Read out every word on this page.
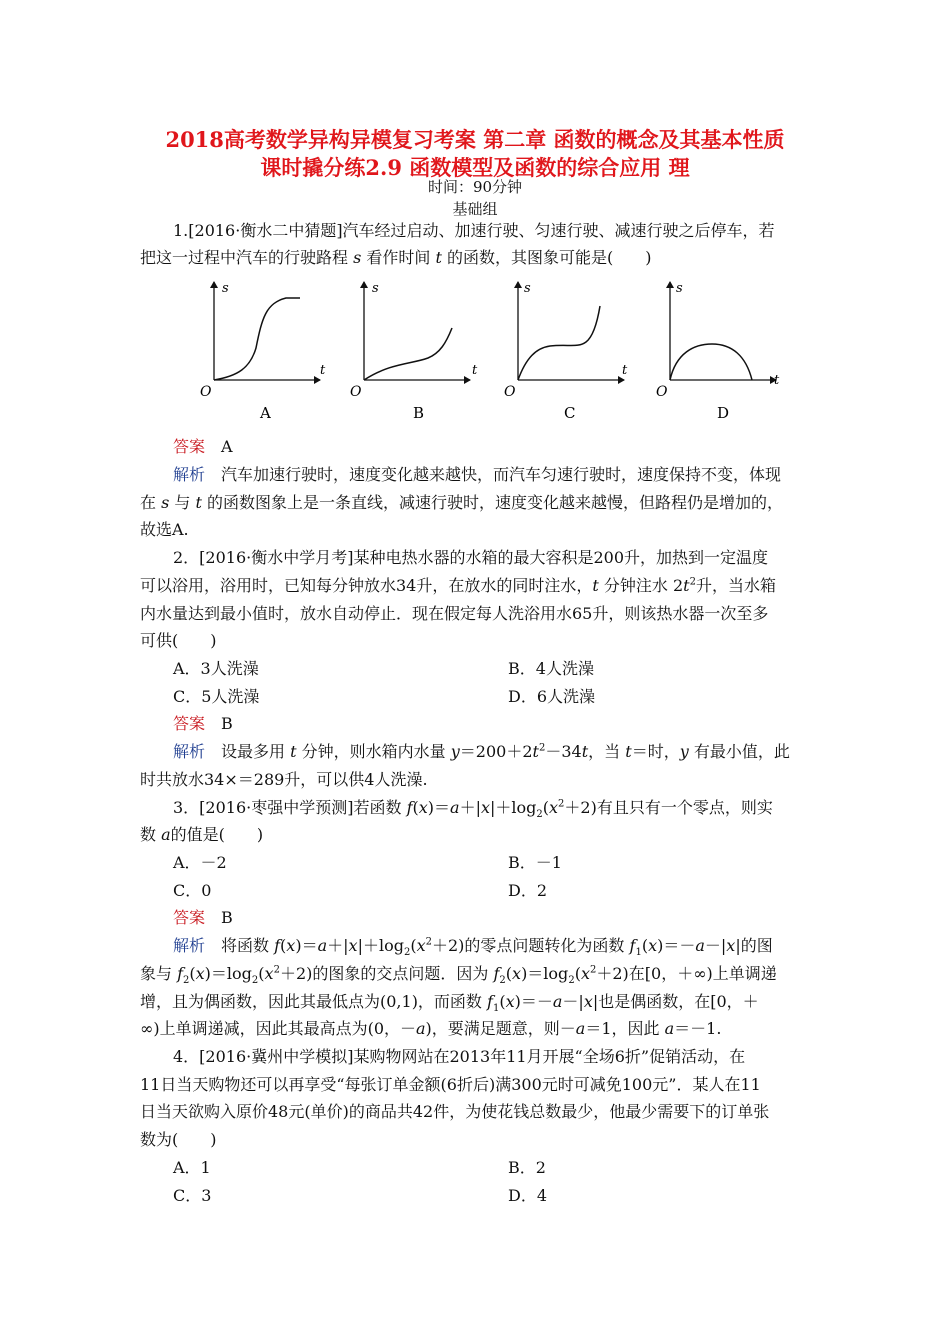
2018高考数学异构异模复习考案 第二章 函数的概念及其基本性质
课时撬分练2.9 函数模型及函数的综合应用 理
时间：90分钟
基础组
1.[2016·衡水二中猜题]汽车经过启动、加速行驶、匀速行驶、减速行驶之后停车，若
把这一过程中汽车的行驶路程 s 看作时间 t 的函数，其图象可能是(　　)
s
t
O
A
s
t
O
B
s
t
O
C
s
t
O
D
答案　 A
解析　 汽车加速行驶时，速度变化越来越快，而汽车匀速行驶时，速度保持不变，体现
在 s 与 t 的函数图象上是一条直线，减速行驶时，速度变化越来越慢，但路程仍是增加的，
故选A.
2．[2016·衡水中学月考]某种电热水器的水箱的最大容积是200升，加热到一定温度
可以浴用，浴用时，已知每分钟放水34升，在放水的同时注水，t 分钟注水 $2t^2$升，当水箱
内水量达到最小值时，放水自动停止．现在假定每人洗浴用水65升，则该热水器一次至多
可供(　　)
A．3人洗澡	B．4人洗澡
C．5人洗澡	D．6人洗澡
答案　 B
解析　 设最多用 t 分钟，则水箱内水量 $y=200+2t^2-34t$，当 t＝时，y 有最小值，此
时共放水34×＝289升，可以供4人洗澡.
3．[2016·枣强中学预测]若函数 $f(x)=a+|x|+\log_2(x^2+2)$有且只有一个零点，则实
数 a的值是(　　)
A．－2	B．－1
C．0	D．2
答案　 B
解析　 将函数 $f(x)=a+|x|+\log_2(x^2+2)$的零点问题转化为函数 $f_1(x)=-a-|x|$的图
象与 $f_2(x)=\log_2(x^2+2)$的图象的交点问题．因为 $f_2(x)=\log_2(x^2+2)$在[0，＋∞)上单调递
增，且为偶函数，因此其最低点为(0,1)，而函数 $f_1(x)=-a-|x|$也是偶函数，在[0，＋
∞)上单调递减，因此其最高点为(0，－a)，要满足题意，则－a＝1，因此 a＝－1.
4．[2016·冀州中学模拟]某购物网站在2013年11月开展“全场6折”促销活动，在
11日当天购物还可以再享受“每张订单金额(6折后)满300元时可减免100元”．某人在11
日当天欲购入原价48元(单价)的商品共42件，为使花钱总数最少，他最少需要下的订单张
数为(　　)
A．1	B．2
C．3	D．4
